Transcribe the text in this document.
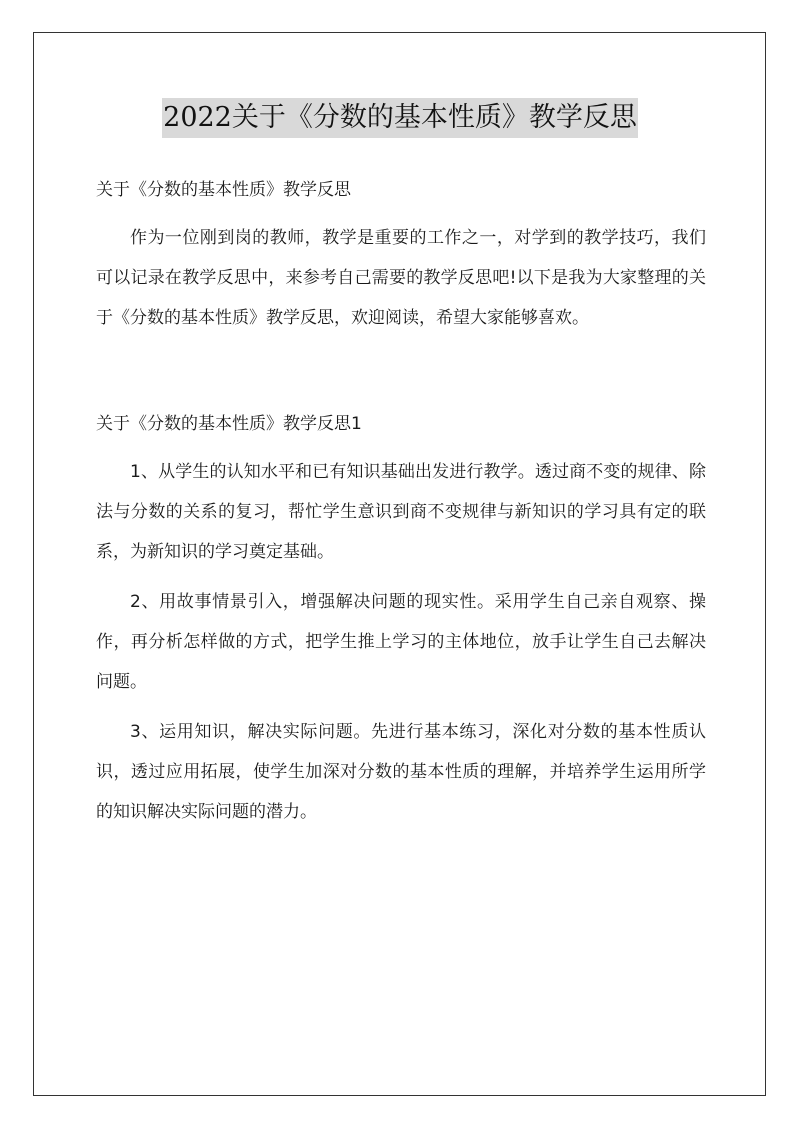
2022关于《分数的基本性质》教学反思

关于《分数的基本性质》教学反思

作为一位刚到岗的教师，教学是重要的工作之一，对学到的教学技巧，我们可以记录在教学反思中，来参考自己需要的教学反思吧!以下是我为大家整理的关于《分数的基本性质》教学反思，欢迎阅读，希望大家能够喜欢。

关于《分数的基本性质》教学反思1

1、从学生的认知水平和已有知识基础出发进行教学。透过商不变的规律、除法与分数的关系的复习，帮忙学生意识到商不变规律与新知识的学习具有定的联系，为新知识的学习奠定基础。

2、用故事情景引入，增强解决问题的现实性。采用学生自己亲自观察、操作，再分析怎样做的方式，把学生推上学习的主体地位，放手让学生自己去解决问题。

3、运用知识，解决实际问题。先进行基本练习，深化对分数的基本性质认识，透过应用拓展，使学生加深对分数的基本性质的理解，并培养学生运用所学的知识解决实际问题的潜力。
